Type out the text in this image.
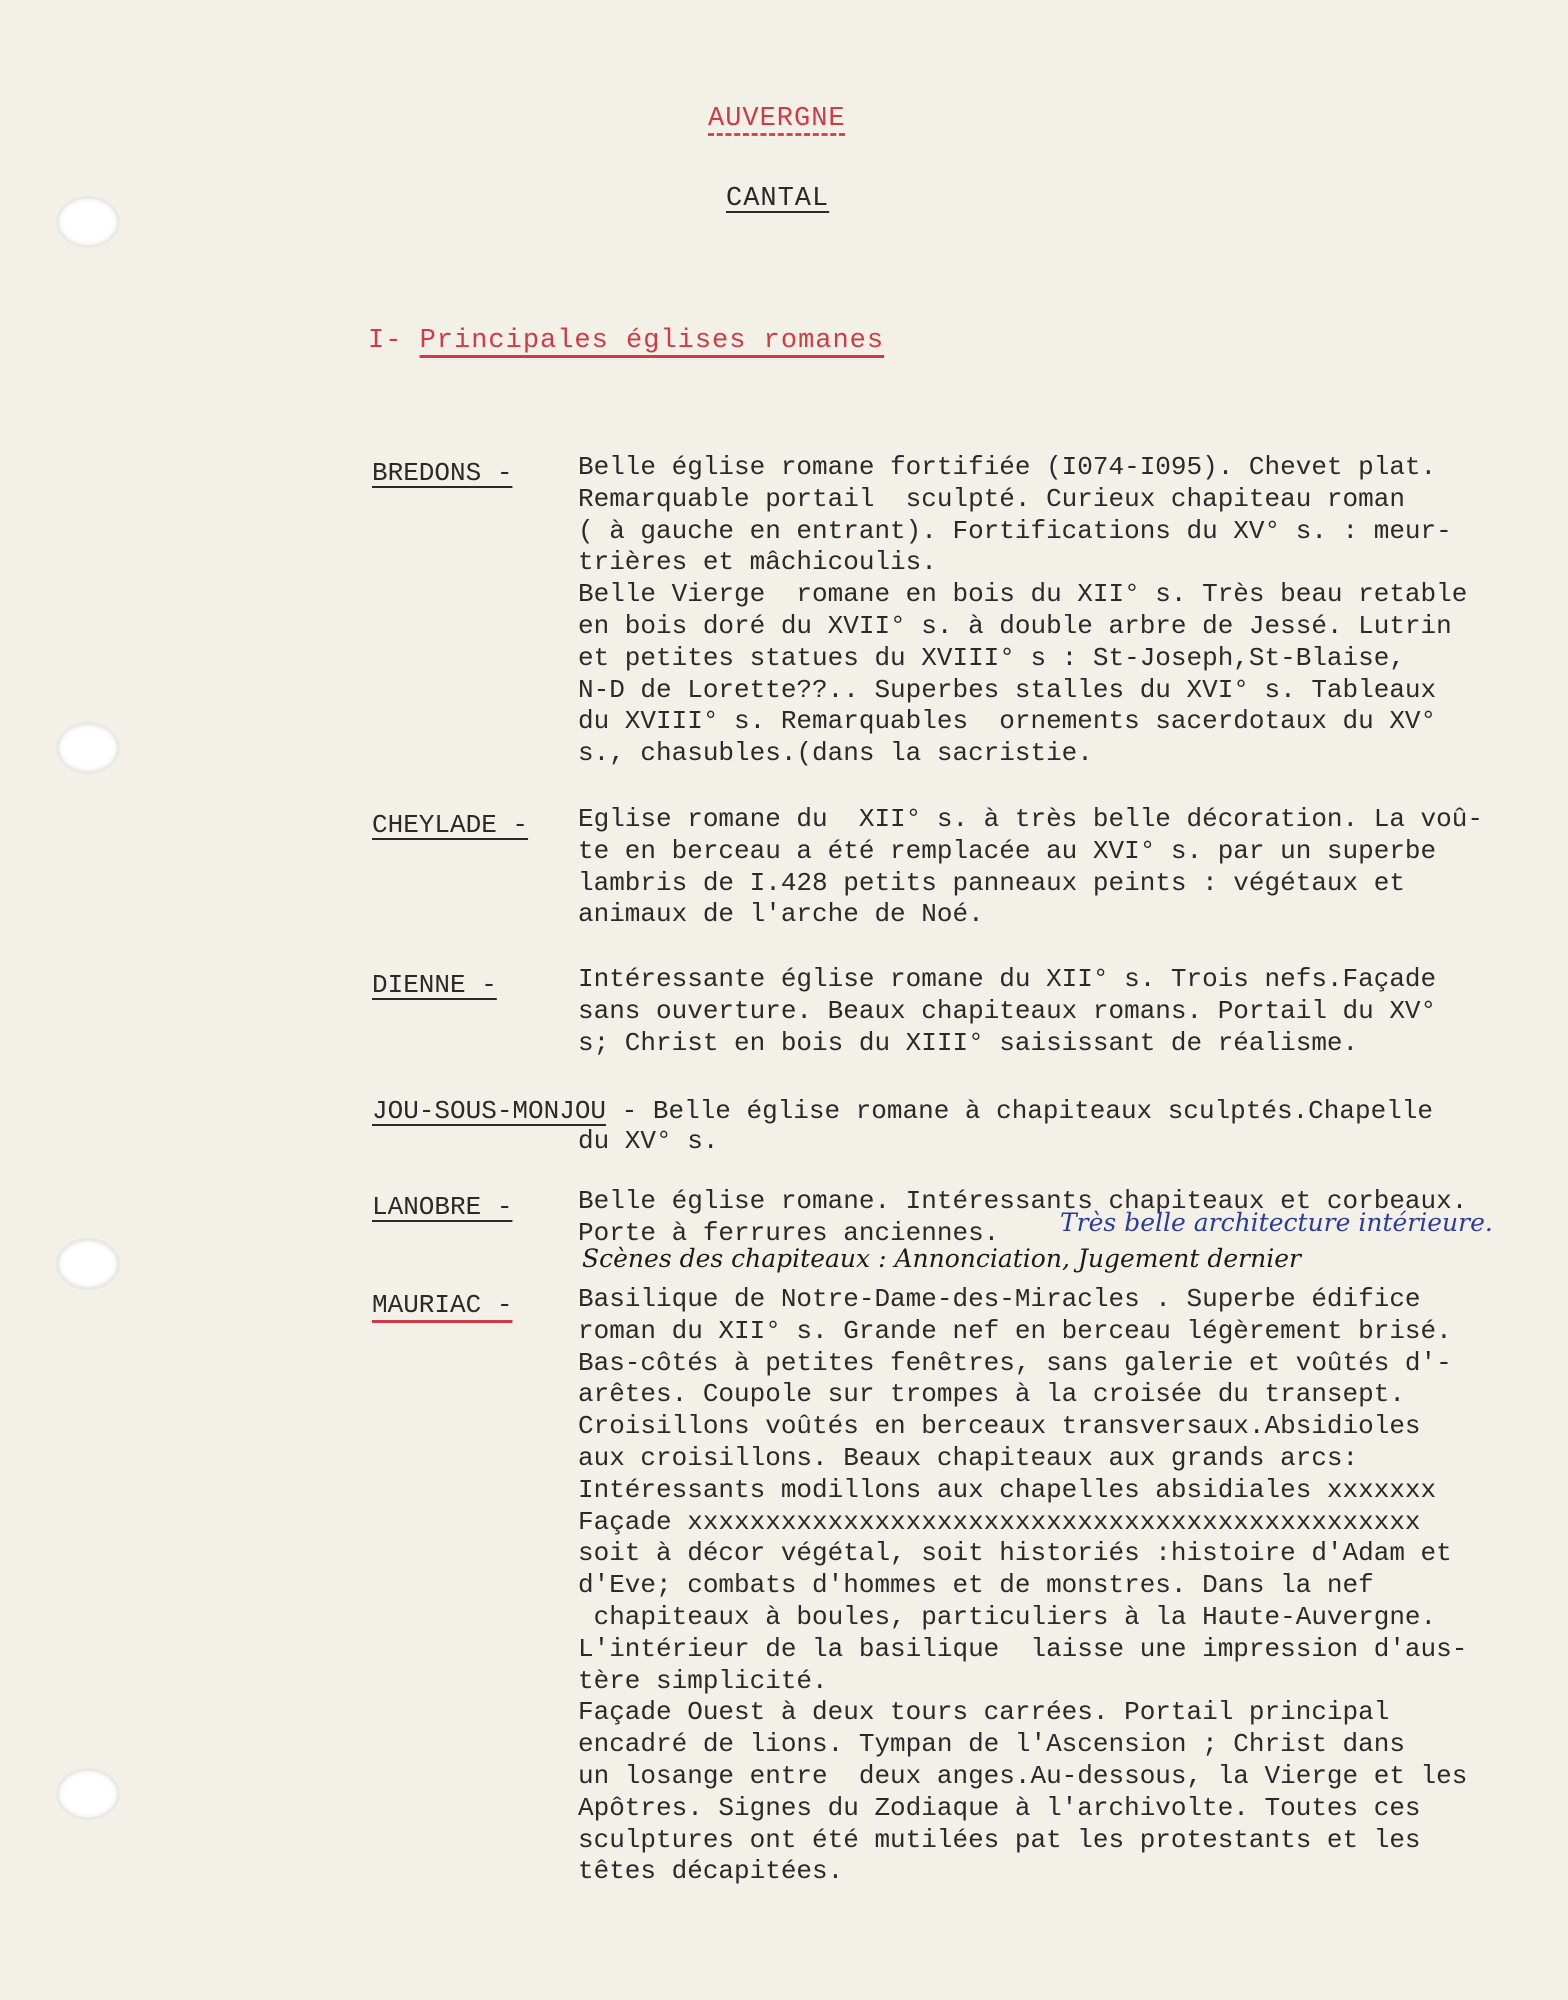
AUVERGNE
CANTAL
I- Principales églises romanes
BREDONS -	Belle église romane fortifiée (I074-I095). Chevet plat.
Remarquable portail  sculpté. Curieux chapiteau roman
( à gauche en entrant). Fortifications du XV° s. : meur-
trières et mâchicoulis.
Belle Vierge  romane en bois du XII° s. Très beau retable
en bois doré du XVII° s. à double arbre de Jessé. Lutrin
et petites statues du XVIII° s : St-Joseph,St-Blaise,
N-D de Lorette??.. Superbes stalles du XVI° s. Tableaux
du XVIII° s. Remarquables  ornements sacerdotaux du XV°
s., chasubles.(dans la sacristie.
CHEYLADE - Eglise romane du  XII° s. à très belle décoration. La voû-
te en berceau a été remplacée au XVI° s. par un superbe
lambris de I.428 petits panneaux peints : végétaux et
animaux de l'arche de Noé.
DIENNE -	Intéressante église romane du XII° s. Trois nefs.Façade
sans ouverture. Beaux chapiteaux romans. Portail du XV°
s; Christ en bois du XIII° saisissant de réalisme.
JOU-SOUS-MONJOU - Belle église romane à chapiteaux sculptés.Chapelle
du XV° s.
LANOBRE -	Belle église romane. Intéressants chapiteaux et corbeaux.
Porte à ferrures anciennes.	Très belle architecture intérieure.
Scènes des chapiteaux : Annonciation, Jugement dernier
MAURIAC -	Basilique de Notre-Dame-des-Miracles . Superbe édifice
roman du XII° s. Grande nef en berceau légèrement brisé.
Bas-côtés à petites fenêtres, sans galerie et voûtés d'-
arêtes. Coupole sur trompes à la croisée du transept.
Croisillons voûtés en berceaux transversaux.Absidioles
aux croisillons. Beaux chapiteaux aux grands arcs:
Intéressants modillons aux chapelles absidiales xxxxxxx
Façade xxxxxxxxxxxxxxxxxxxxxxxxxxxxxxxxxxxxxxxxxxxxxxx
soit à décor végétal, soit historiés :histoire d'Adam et
d'Eve; combats d'hommes et de monstres. Dans la nef
chapiteaux à boules, particuliers à la Haute-Auvergne.
L'intérieur de la basilique  laisse une impression d'aus-
tère simplicité.
Façade Ouest à deux tours carrées. Portail principal
encadré de lions. Tympan de l'Ascension ; Christ dans
un losange entre  deux anges.Au-dessous, la Vierge et les
Apôtres. Signes du Zodiaque à l'archivolte. Toutes ces
sculptures ont été mutilées pat les protestants et les
têtes décapitées.
